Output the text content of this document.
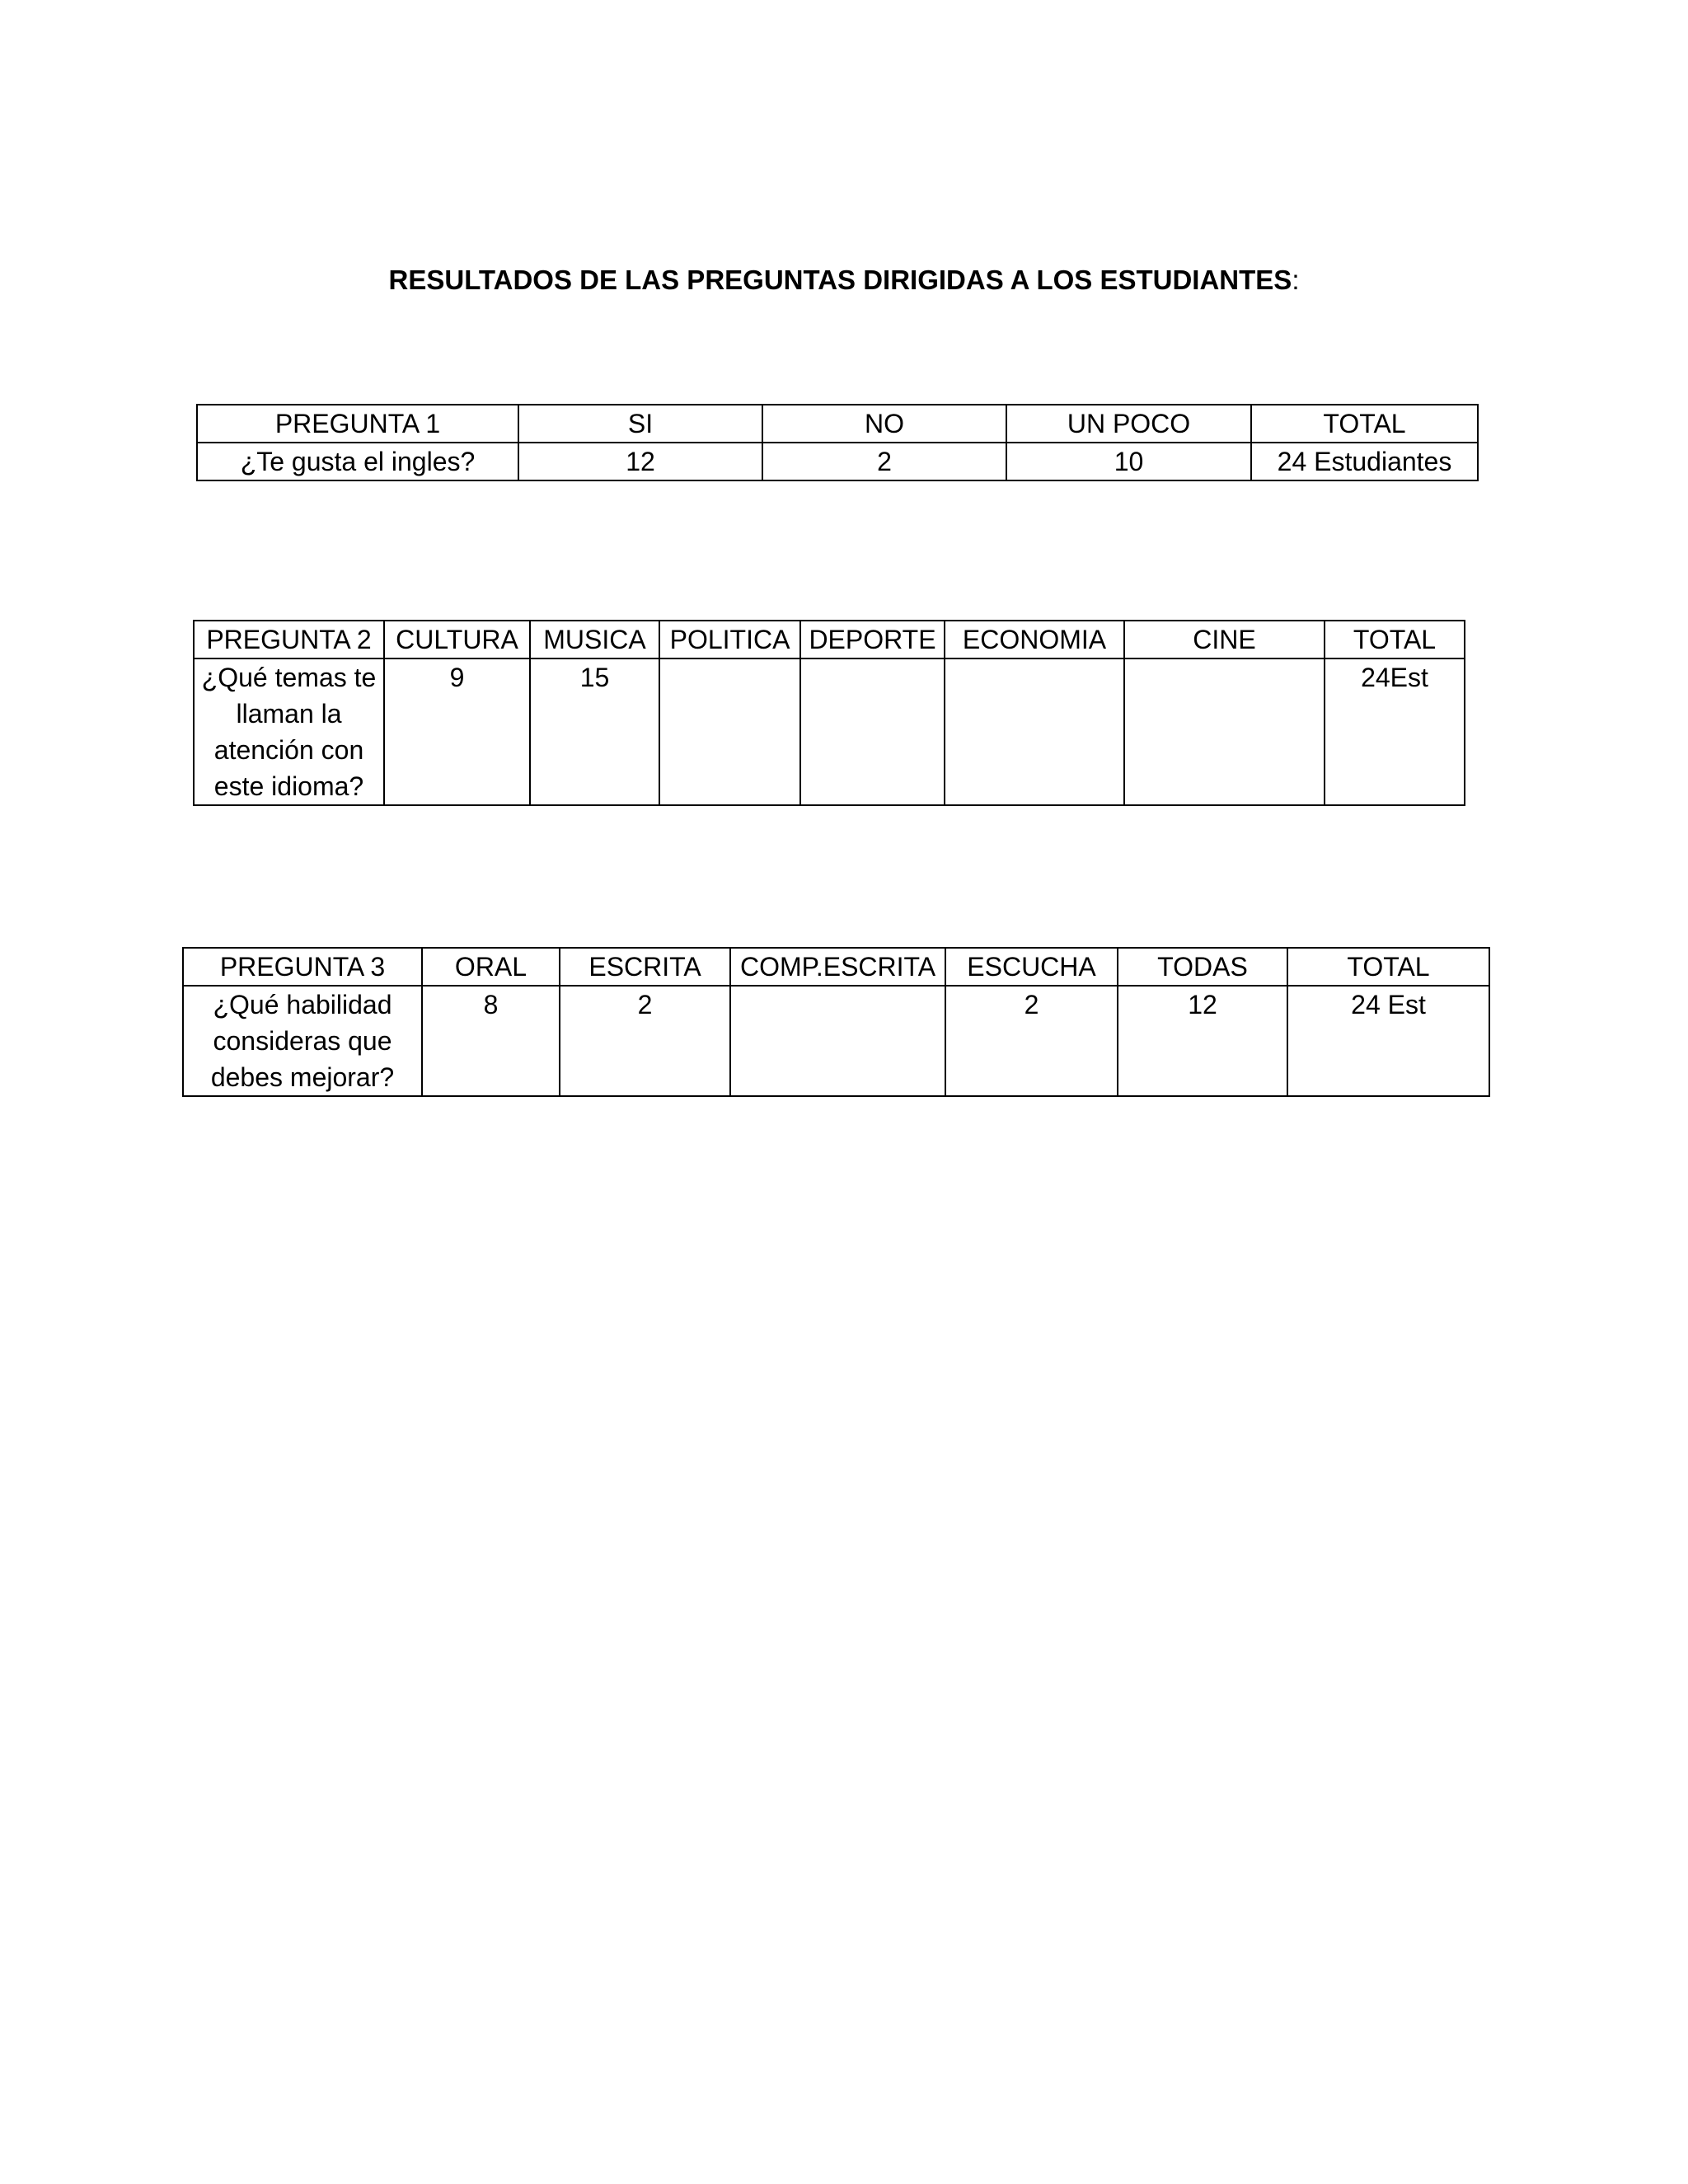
RESULTADOS DE LAS PREGUNTAS DIRIGIDAS A LOS ESTUDIANTES:
PREGUNTA 1	SI	NO	UN POCO	TOTAL
¿Te gusta el ingles?	12	2	10	24 Estudiantes
PREGUNTA 2	CULTURA	MUSICA	POLITICA	DEPORTE	ECONOMIA	CINE	TOTAL
¿Qué temas te llaman la atención con este idioma?	9	15					24Est
PREGUNTA 3	ORAL	ESCRITA	COMP.ESCRITA	ESCUCHA	TODAS	TOTAL
¿Qué habilidad consideras que debes mejorar?	8	2		2	12	24 Est
